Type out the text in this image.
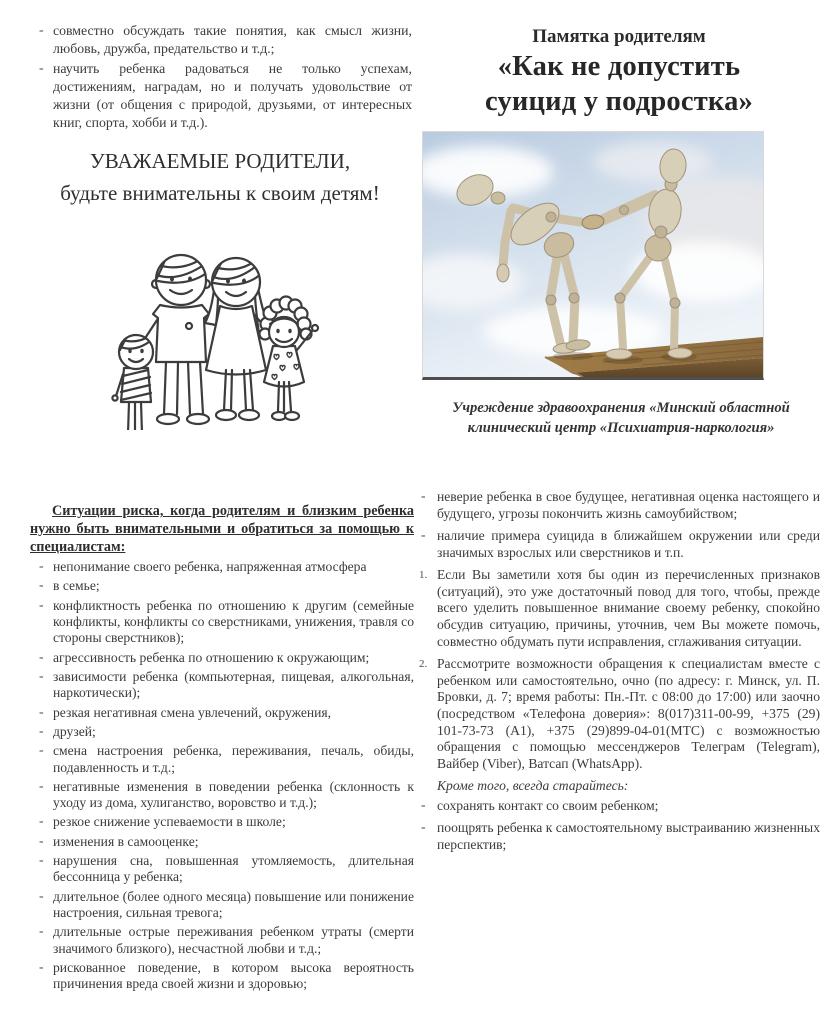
- совместно обсуждать такие понятия, как смысл жизни, любовь, дружба, предательство и т.д.;
- научить ребенка радоваться не только успехам, достижениям, наградам, но и получать удовольствие от жизни (от общения с природой, друзьями, от интересных книг, спорта, хобби и т.д.).
УВАЖАЕМЫЕ РОДИТЕЛИ,
будьте внимательны к своим детям!
Памятка родителям
«Как не допустить
суицид у подростка»
Учреждение здравоохранения «Минский областной
клинический центр «Психиатрия-наркология»
Ситуации риска, когда родителям и близким ребенка нужно быть внимательными и обратиться за помощью к специалистам:
- непонимание своего ребенка, напряженная атмосфера
- в семье;
- конфликтность ребенка по отношению к другим (семейные конфликты, конфликты со сверстниками, унижения, травля со стороны сверстников);
- агрессивность ребенка по отношению к окружающим;
- зависимости ребенка (компьютерная, пищевая, алкогольная, наркотически);
- резкая негативная смена увлечений, окружения,
- друзей;
- смена настроения ребенка, переживания, печаль, обиды, подавленность и т.д.;
- негативные изменения в поведении ребенка (склонность к уходу из дома, хулиганство, воровство и т.д.);
- резкое снижение успеваемости в школе;
- изменения в самооценке;
- нарушения сна, повышенная утомляемость, длительная бессонница у ребенка;
- длительное (более одного месяца) повышение или понижение настроения, сильная тревога;
- длительные острые переживания ребенком утраты (смерти значимого близкого), несчастной любви и т.д.;
- рискованное поведение, в котором высока вероятность причинения вреда своей жизни и здоровью;
- неверие ребенка в свое будущее, негативная оценка настоящего и будущего, угрозы покончить жизнь самоубийством;
- наличие примера суицида в ближайшем окружении или среди значимых взрослых или сверстников и т.п.
1. Если Вы заметили хотя бы один из перечисленных признаков (ситуаций), это уже достаточный повод для того, чтобы, прежде всего уделить повышенное внимание своему ребенку, спокойно обсудив ситуацию, причины, уточнив, чем Вы можете помочь, совместно обдумать пути исправления, сглаживания ситуации.
2. Рассмотрите возможности обращения к специалистам вместе с ребенком или самостоятельно, очно (по адресу: г. Минск, ул. П. Бровки, д. 7; время работы: Пн.-Пт. с 08:00 до 17:00) или заочно (посредством «Телефона доверия»: 8(017)311-00-99, +375 (29) 101-73-73 (А1), +375 (29)899-04-01(МТС) с возможностью обращения с помощью мессенджеров Телеграм (Telegram), Вайбер (Viber), Ватсап (WhatsApp).
Кроме того, всегда старайтесь:
- сохранять контакт со своим ребенком;
- поощрять ребенка к самостоятельному выстраиванию жизненных перспектив;
